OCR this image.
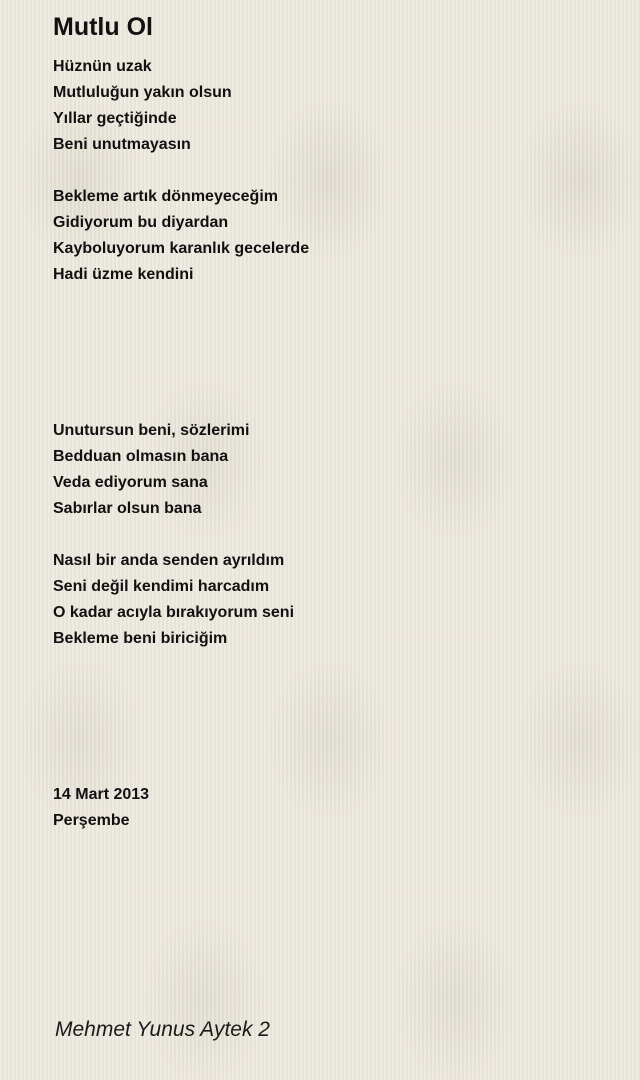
Mutlu Ol
Hüznün uzak
Mutluluğun yakın olsun
Yıllar geçtiğinde
Beni unutmayasın
Bekleme artık dönmeyeceğim
Gidiyorum bu diyardan
Kayboluyorum karanlık gecelerde
Hadi üzme kendini
Unutursun beni, sözlerimi
Bedduan olmasın bana
Veda ediyorum sana
Sabırlar olsun bana
Nasıl bir anda senden ayrıldım
Seni değil kendimi harcadım
O kadar acıyla bırakıyorum seni
Bekleme beni biriciğim
14 Mart 2013
Perşembe
Mehmet Yunus Aytek 2
